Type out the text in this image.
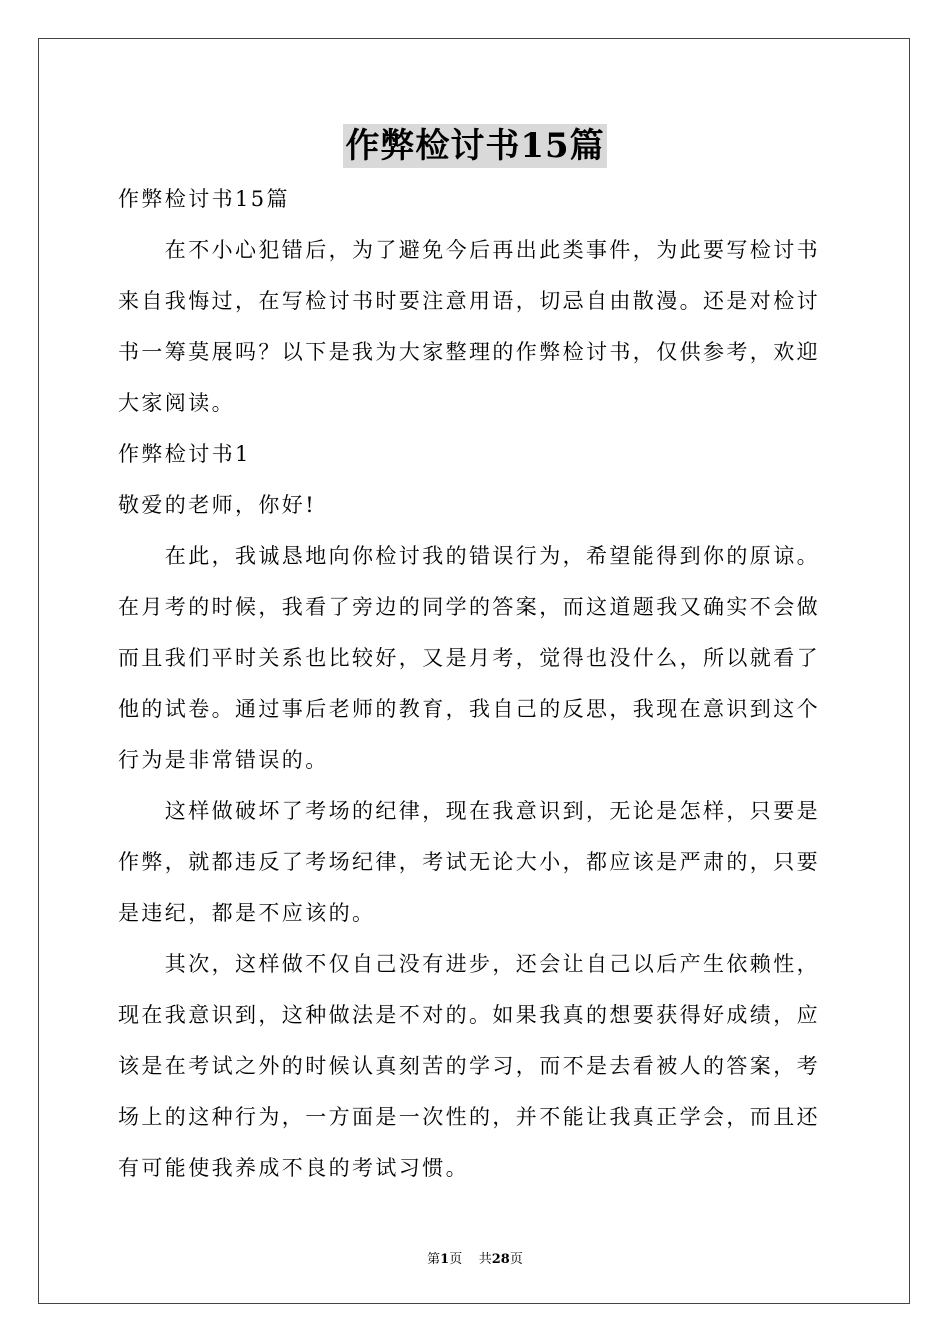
作弊检讨书15篇
作弊检讨书15篇
　　在不小心犯错后，为了避免今后再出此类事件，为此要写检讨书
来自我悔过，在写检讨书时要注意用语，切忌自由散漫。还是对检讨
书一筹莫展吗？以下是我为大家整理的作弊检讨书，仅供参考，欢迎
大家阅读。
作弊检讨书1
敬爱的老师，你好!
　　在此，我诚恳地向你检讨我的错误行为，希望能得到你的原谅。
在月考的时候，我看了旁边的同学的答案，而这道题我又确实不会做
而且我们平时关系也比较好，又是月考，觉得也没什么，所以就看了
他的试卷。通过事后老师的教育，我自己的反思，我现在意识到这个
行为是非常错误的。
　　这样做破坏了考场的纪律，现在我意识到，无论是怎样，只要是
作弊，就都违反了考场纪律，考试无论大小，都应该是严肃的，只要
是违纪，都是不应该的。
　　其次，这样做不仅自己没有进步，还会让自己以后产生依赖性，
现在我意识到，这种做法是不对的。如果我真的想要获得好成绩，应
该是在考试之外的时候认真刻苦的学习，而不是去看被人的答案，考
场上的这种行为，一方面是一次性的，并不能让我真正学会，而且还
有可能使我养成不良的考试习惯。
第1页 共28页
